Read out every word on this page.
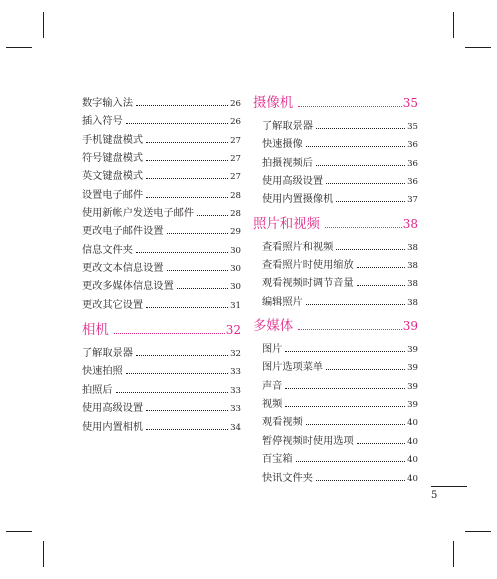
数字输入法	26
插入符号	26
手机键盘模式	27
符号键盘模式	27
英文键盘模式	27
设置电子邮件	28
使用新帐户发送电子邮件	28
更改电子邮件设置	29
信息文件夹	30
更改文本信息设置	30
更改多媒体信息设置	30
更改其它设置	31
相机	32
了解取景器	32
快速拍照	33
拍照后	33
使用高级设置	33
使用内置相机	34
摄像机	35
了解取景器	35
快速摄像	36
拍摄视频后	36
使用高级设置	36
使用内置摄像机	37
照片和视频	38
查看照片和视频	38
查看照片时使用缩放	38
观看视频时调节音量	38
编辑照片	38
多媒体	39
图片	39
图片选项菜单	39
声音	39
视频	39
观看视频	40
暂停视频时使用选项	40
百宝箱	40
快讯文件夹	40
5
